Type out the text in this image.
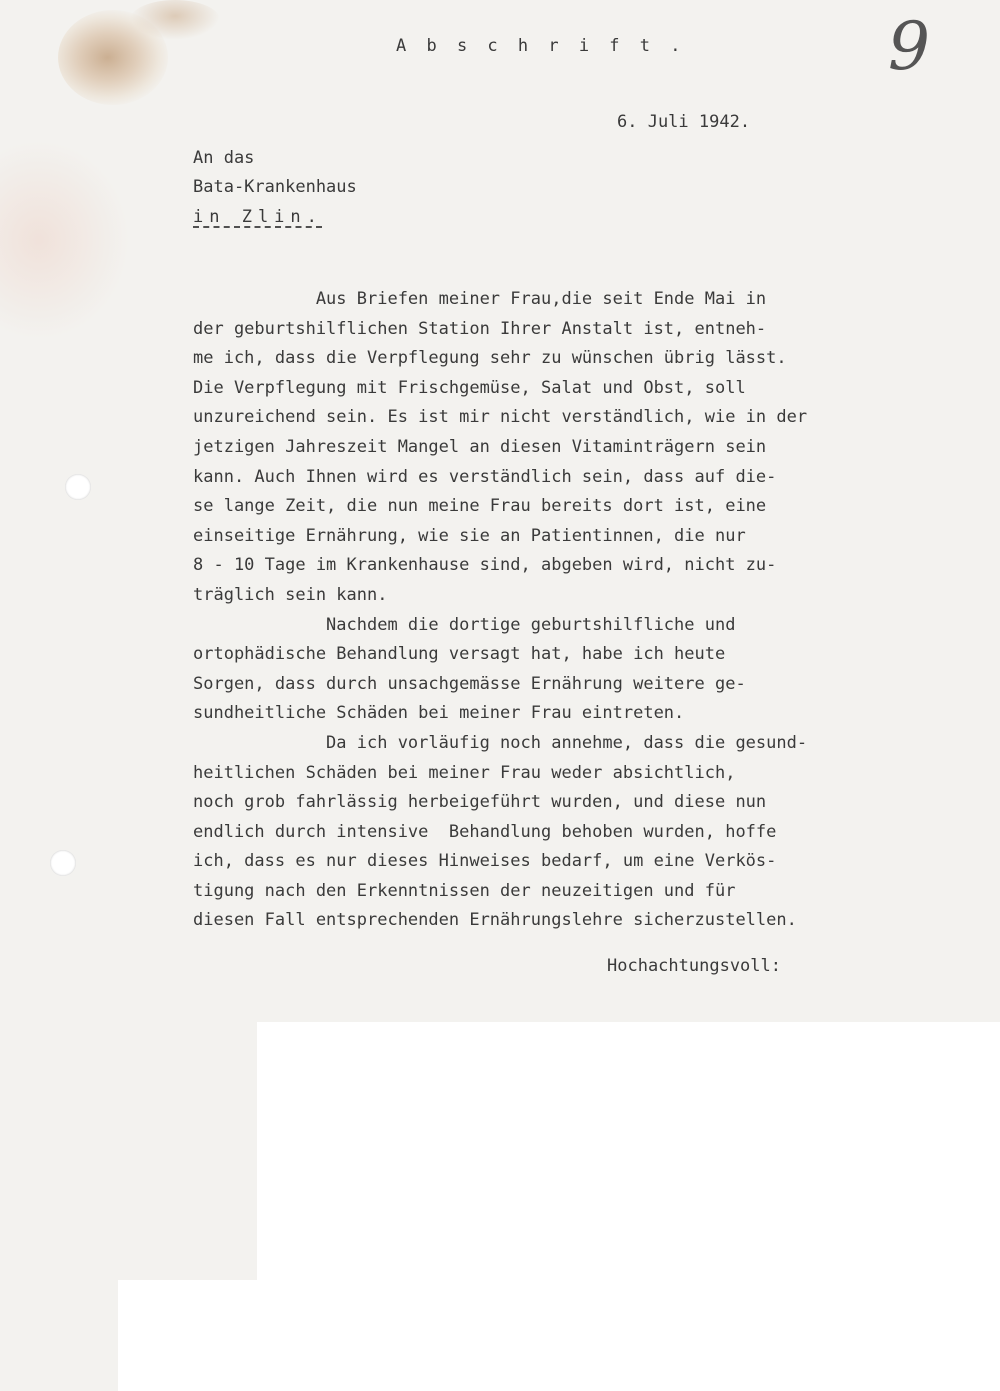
9
A b s c h r i f t .
6. Juli 1942.
An das
Bata-Krankenhaus
in Zlin.
Aus Briefen meiner Frau,die seit Ende Mai in
der geburtshilflichen Station Ihrer Anstalt ist, entneh-
me ich, dass die Verpflegung sehr zu wünschen übrig lässt.
Die Verpflegung mit Frischgemüse, Salat und Obst, soll
unzureichend sein. Es ist mir nicht verständlich, wie in der
jetzigen Jahreszeit Mangel an diesen Vitaminträgern sein
kann. Auch Ihnen wird es verständlich sein, dass auf die-
se lange Zeit, die nun meine Frau bereits dort ist, eine
einseitige Ernährung, wie sie an Patientinnen, die nur
8 - 10 Tage im Krankenhause sind, abgeben wird, nicht zu-
träglich sein kann.
Nachdem die dortige geburtshilfliche und
ortophädische Behandlung versagt hat, habe ich heute
Sorgen, dass durch unsachgemässe Ernährung weitere ge-
sundheitliche Schäden bei meiner Frau eintreten.
Da ich vorläufig noch annehme, dass die gesund-
heitlichen Schäden bei meiner Frau weder absichtlich,
noch grob fahrlässig herbeigeführt wurden, und diese nun
endlich durch intensive  Behandlung behoben wurden, hoffe
ich, dass es nur dieses Hinweises bedarf, um eine Verkös-
tigung nach den Erkenntnissen der neuzeitigen und für
diesen Fall entsprechenden Ernährungslehre sicherzustellen.
Hochachtungsvoll:
